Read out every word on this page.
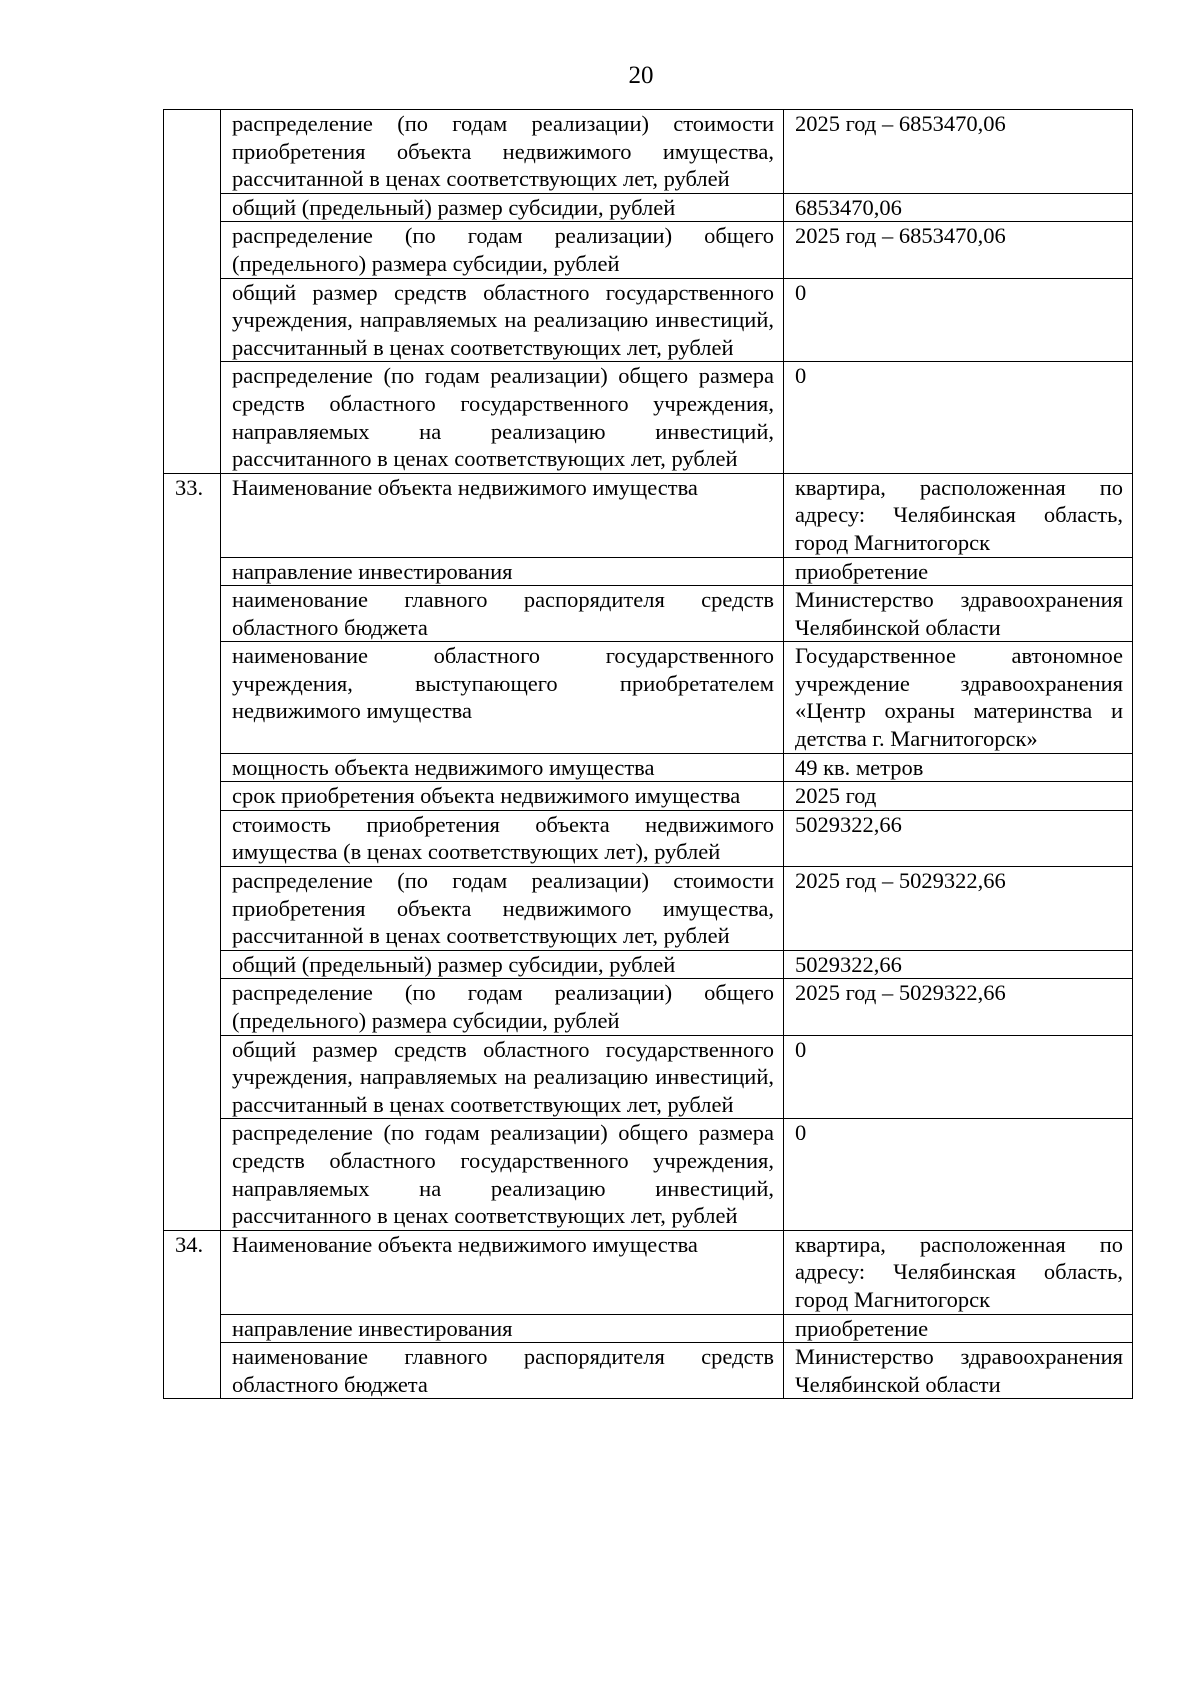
20
	распределение (по годам реализации) стоимости приобретения объекта недвижимого имущества, рассчитанной в ценах соответствующих лет, рублей	2025 год – 6853470,06
	общий (предельный) размер субсидии, рублей	6853470,06
	распределение (по годам реализации) общего (предельного) размера субсидии, рублей	2025 год – 6853470,06
	общий размер средств областного государственного учреждения, направляемых на реализацию инвестиций, рассчитанный в ценах соответствующих лет, рублей	0
	распределение (по годам реализации) общего размера средств областного государственного учреждения, направляемых на реализацию инвестиций, рассчитанного в ценах соответствующих лет, рублей	0
33.	Наименование объекта недвижимого имущества	квартира, расположенная по адресу: Челябинская область, город Магнитогорск
	направление инвестирования	приобретение
	наименование главного распорядителя средств областного бюджета	Министерство здравоохранения Челябинской области
	наименование областного государственного учреждения, выступающего приобретателем недвижимого имущества	Государственное автономное учреждение здравоохранения «Центр охраны материнства и детства г. Магнитогорск»
	мощность объекта недвижимого имущества	49 кв. метров
	срок приобретения объекта недвижимого имущества	2025 год
	стоимость приобретения объекта недвижимого имущества (в ценах соответствующих лет), рублей	5029322,66
	распределение (по годам реализации) стоимости приобретения объекта недвижимого имущества, рассчитанной в ценах соответствующих лет, рублей	2025 год – 5029322,66
	общий (предельный) размер субсидии, рублей	5029322,66
	распределение (по годам реализации) общего (предельного) размера субсидии, рублей	2025 год – 5029322,66
	общий размер средств областного государственного учреждения, направляемых на реализацию инвестиций, рассчитанный в ценах соответствующих лет, рублей	0
	распределение (по годам реализации) общего размера средств областного государственного учреждения, направляемых на реализацию инвестиций, рассчитанного в ценах соответствующих лет, рублей	0
34.	Наименование объекта недвижимого имущества	квартира, расположенная по адресу: Челябинская область, город Магнитогорск
	направление инвестирования	приобретение
	наименование главного распорядителя средств областного бюджета	Министерство здравоохранения Челябинской области
